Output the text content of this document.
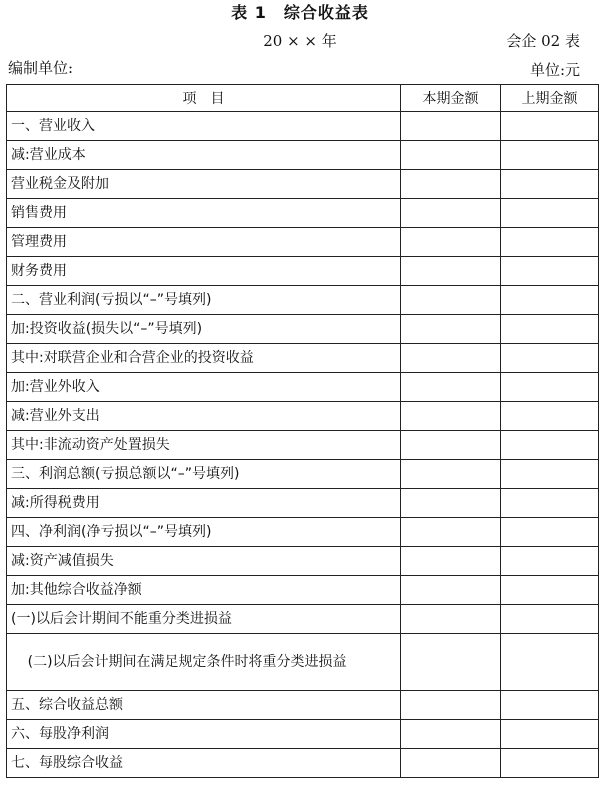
表 1　综合收益表
20 × × 年	会企 02 表
编制单位:	单位:元
项　目	本期金额	上期金额
一、营业收入		
减:营业成本		
营业税金及附加		
销售费用		
管理费用		
财务费用		
二、营业利润(亏损以“–”号填列)		
加:投资收益(损失以“–”号填列)		
其中:对联营企业和合营企业的投资收益		
加:营业外收入		
减:营业外支出		
其中:非流动资产处置损失		
三、利润总额(亏损总额以“–”号填列)		
减:所得税费用		
四、净利润(净亏损以“–”号填列)		
减:资产减值损失		
加:其他综合收益净额		
(一)以后会计期间不能重分类进损益		

(二)以后会计期间在满足规定条件时将重分类进损益		

五、综合收益总额		
六、每股净利润		
七、每股综合收益		
